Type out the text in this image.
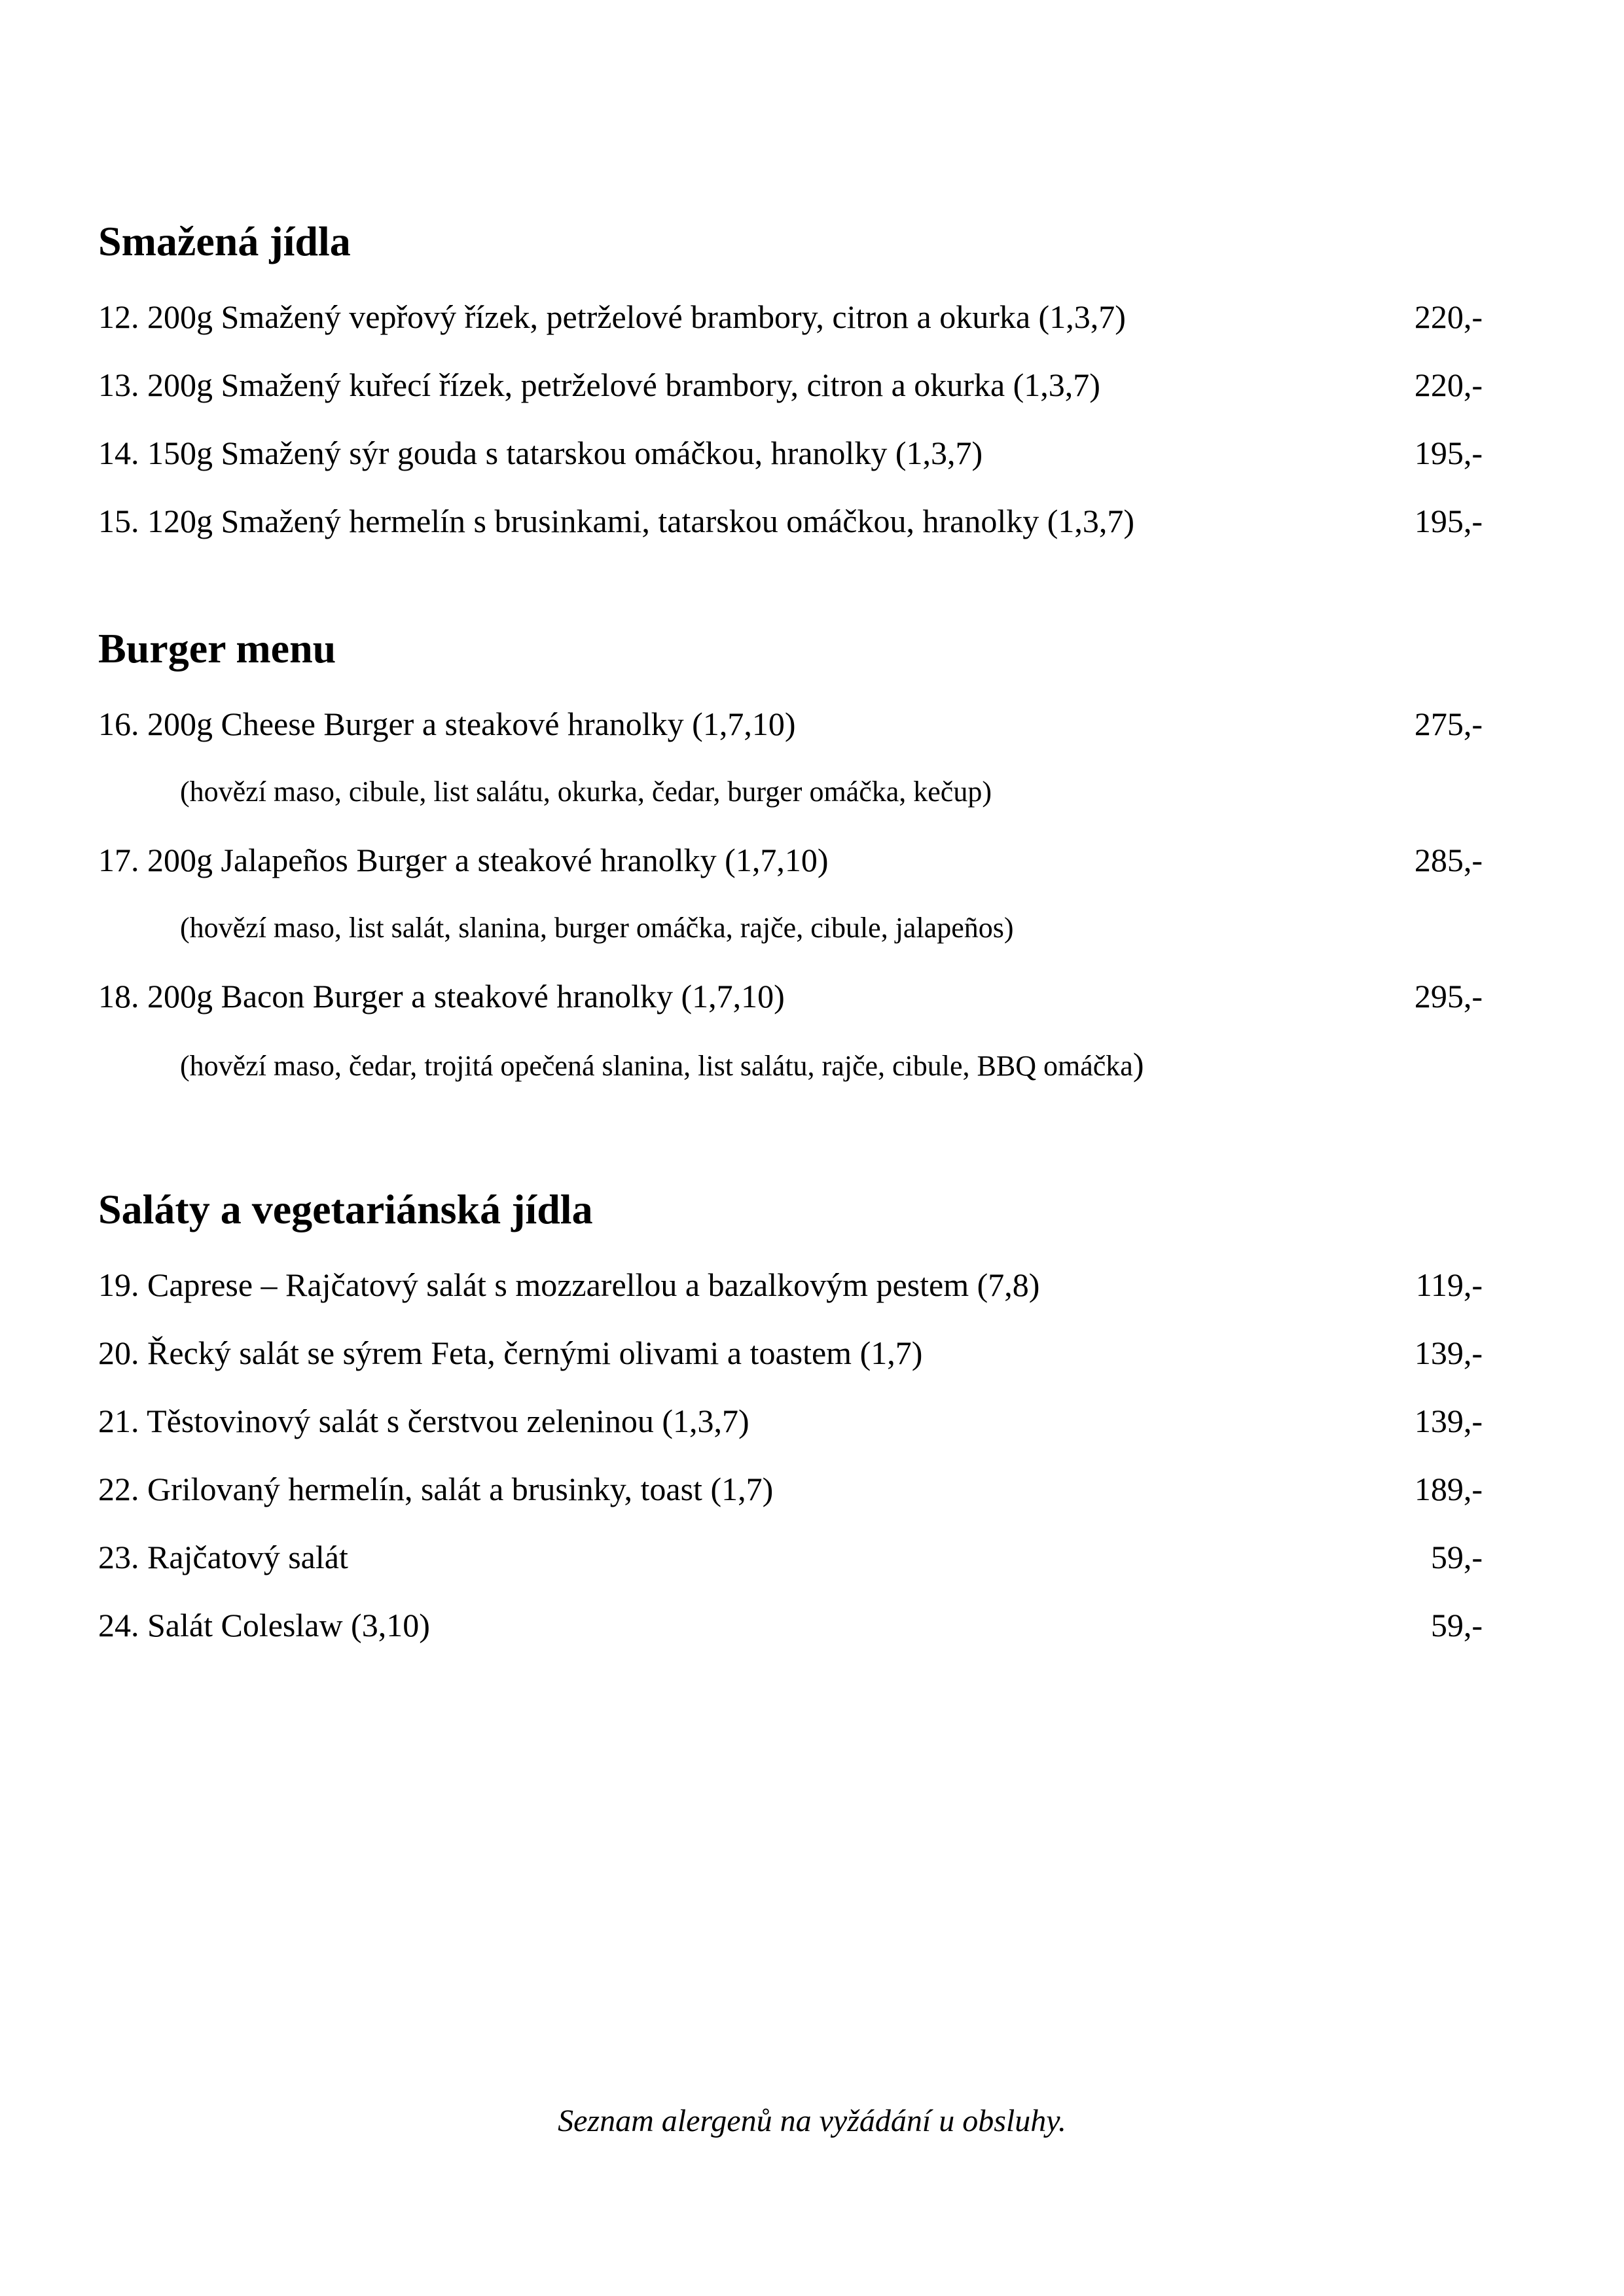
Smažená jídla
12. 200g Smažený vepřový řízek, petrželové brambory, citron a okurka (1,3,7)	220,-
13. 200g Smažený kuřecí řízek, petrželové brambory, citron a okurka (1,3,7)	220,-
14. 150g Smažený sýr gouda s tatarskou omáčkou, hranolky (1,3,7)	195,-
15. 120g Smažený hermelín s brusinkami, tatarskou omáčkou, hranolky (1,3,7)	195,-
Burger menu
16. 200g Cheese Burger a steakové hranolky (1,7,10)	275,-
(hovězí maso, cibule, list salátu, okurka, čedar, burger omáčka, kečup)
17. 200g Jalapeños Burger a steakové hranolky (1,7,10)	285,-
(hovězí maso, list salát, slanina, burger omáčka, rajče, cibule, jalapeños)
18. 200g Bacon Burger a steakové hranolky (1,7,10)	295,-
(hovězí maso, čedar, trojitá opečená slanina, list salátu, rajče, cibule, BBQ omáčka)
Saláty a vegetariánská jídla
19. Caprese – Rajčatový salát s mozzarellou a bazalkovým pestem (7,8)	119,-
20. Řecký salát se sýrem Feta, černými olivami a toastem (1,7)	139,-
21. Těstovinový salát s čerstvou zeleninou (1,3,7)	139,-
22. Grilovaný hermelín, salát a brusinky, toast (1,7)	189,-
23. Rajčatový salát	59,-
24. Salát Coleslaw (3,10)	59,-
Seznam alergenů na vyžádání u obsluhy.
